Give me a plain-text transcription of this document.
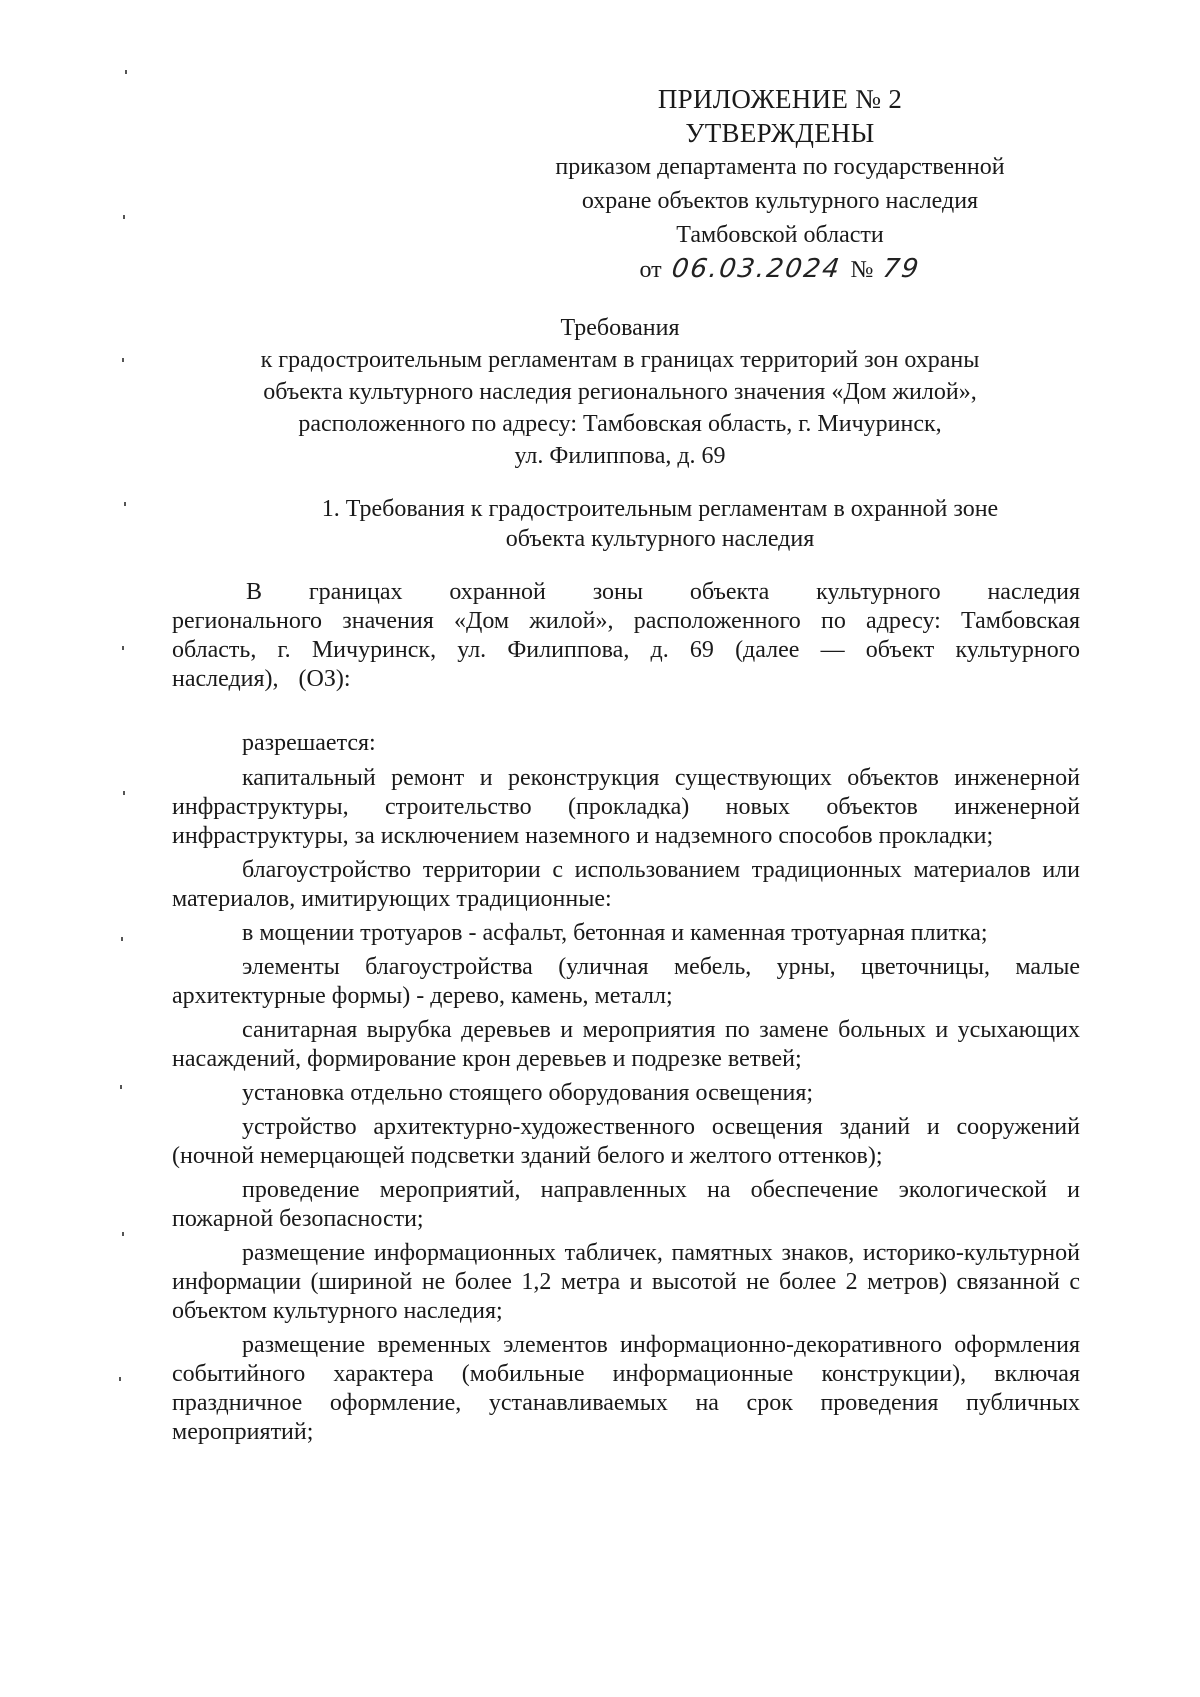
ПРИЛОЖЕНИЕ № 2
УТВЕРЖДЕНЫ
приказом департамента по государственной
охране объектов культурного наследия
Тамбовской области
от 06.03.2024 № 79
Требования
к градостроительным регламентам в границах территорий зон охраны
объекта культурного наследия регионального значения «Дом жилой»,
расположенного по адресу: Тамбовская область, г. Мичуринск,
ул. Филиппова, д. 69
1. Требования к градостроительным регламентам в охранной зоне
объекта культурного наследия

В границах охранной зоны объекта культурного наследия регионального значения «Дом жилой», расположенного по адресу: Тамбовская область, г. Мичуринск, ул. Филиппова, д. 69 (далее — объект культурного наследия), (ОЗ):

разрешается:

капитальный ремонт и реконструкция существующих объектов инженерной инфраструктуры, строительство (прокладка) новых объектов инженерной инфраструктуры, за исключением наземного и надземного способов прокладки;

благоустройство территории с использованием традиционных материалов или материалов, имитирующих традиционные:

в мощении тротуаров - асфальт, бетонная и каменная тротуарная плитка;

элементы благоустройства (уличная мебель, урны, цветочницы, малые архитектурные формы) - дерево, камень, металл;

санитарная вырубка деревьев и мероприятия по замене больных и усыхающих насаждений, формирование крон деревьев и подрезке ветвей;

установка отдельно стоящего оборудования освещения;

устройство архитектурно-художественного освещения зданий и сооружений (ночной немерцающей подсветки зданий белого и желтого оттенков);

проведение мероприятий, направленных на обеспечение экологической и пожарной безопасности;

размещение информационных табличек, памятных знаков, историко-культурной информации (шириной не более 1,2 метра и высотой не более 2 метров) связанной с объектом культурного наследия;

размещение временных элементов информационно-декоративного оформления событийного характера (мобильные информационные конструкции), включая праздничное оформление, устанавливаемых на срок проведения публичных мероприятий;
